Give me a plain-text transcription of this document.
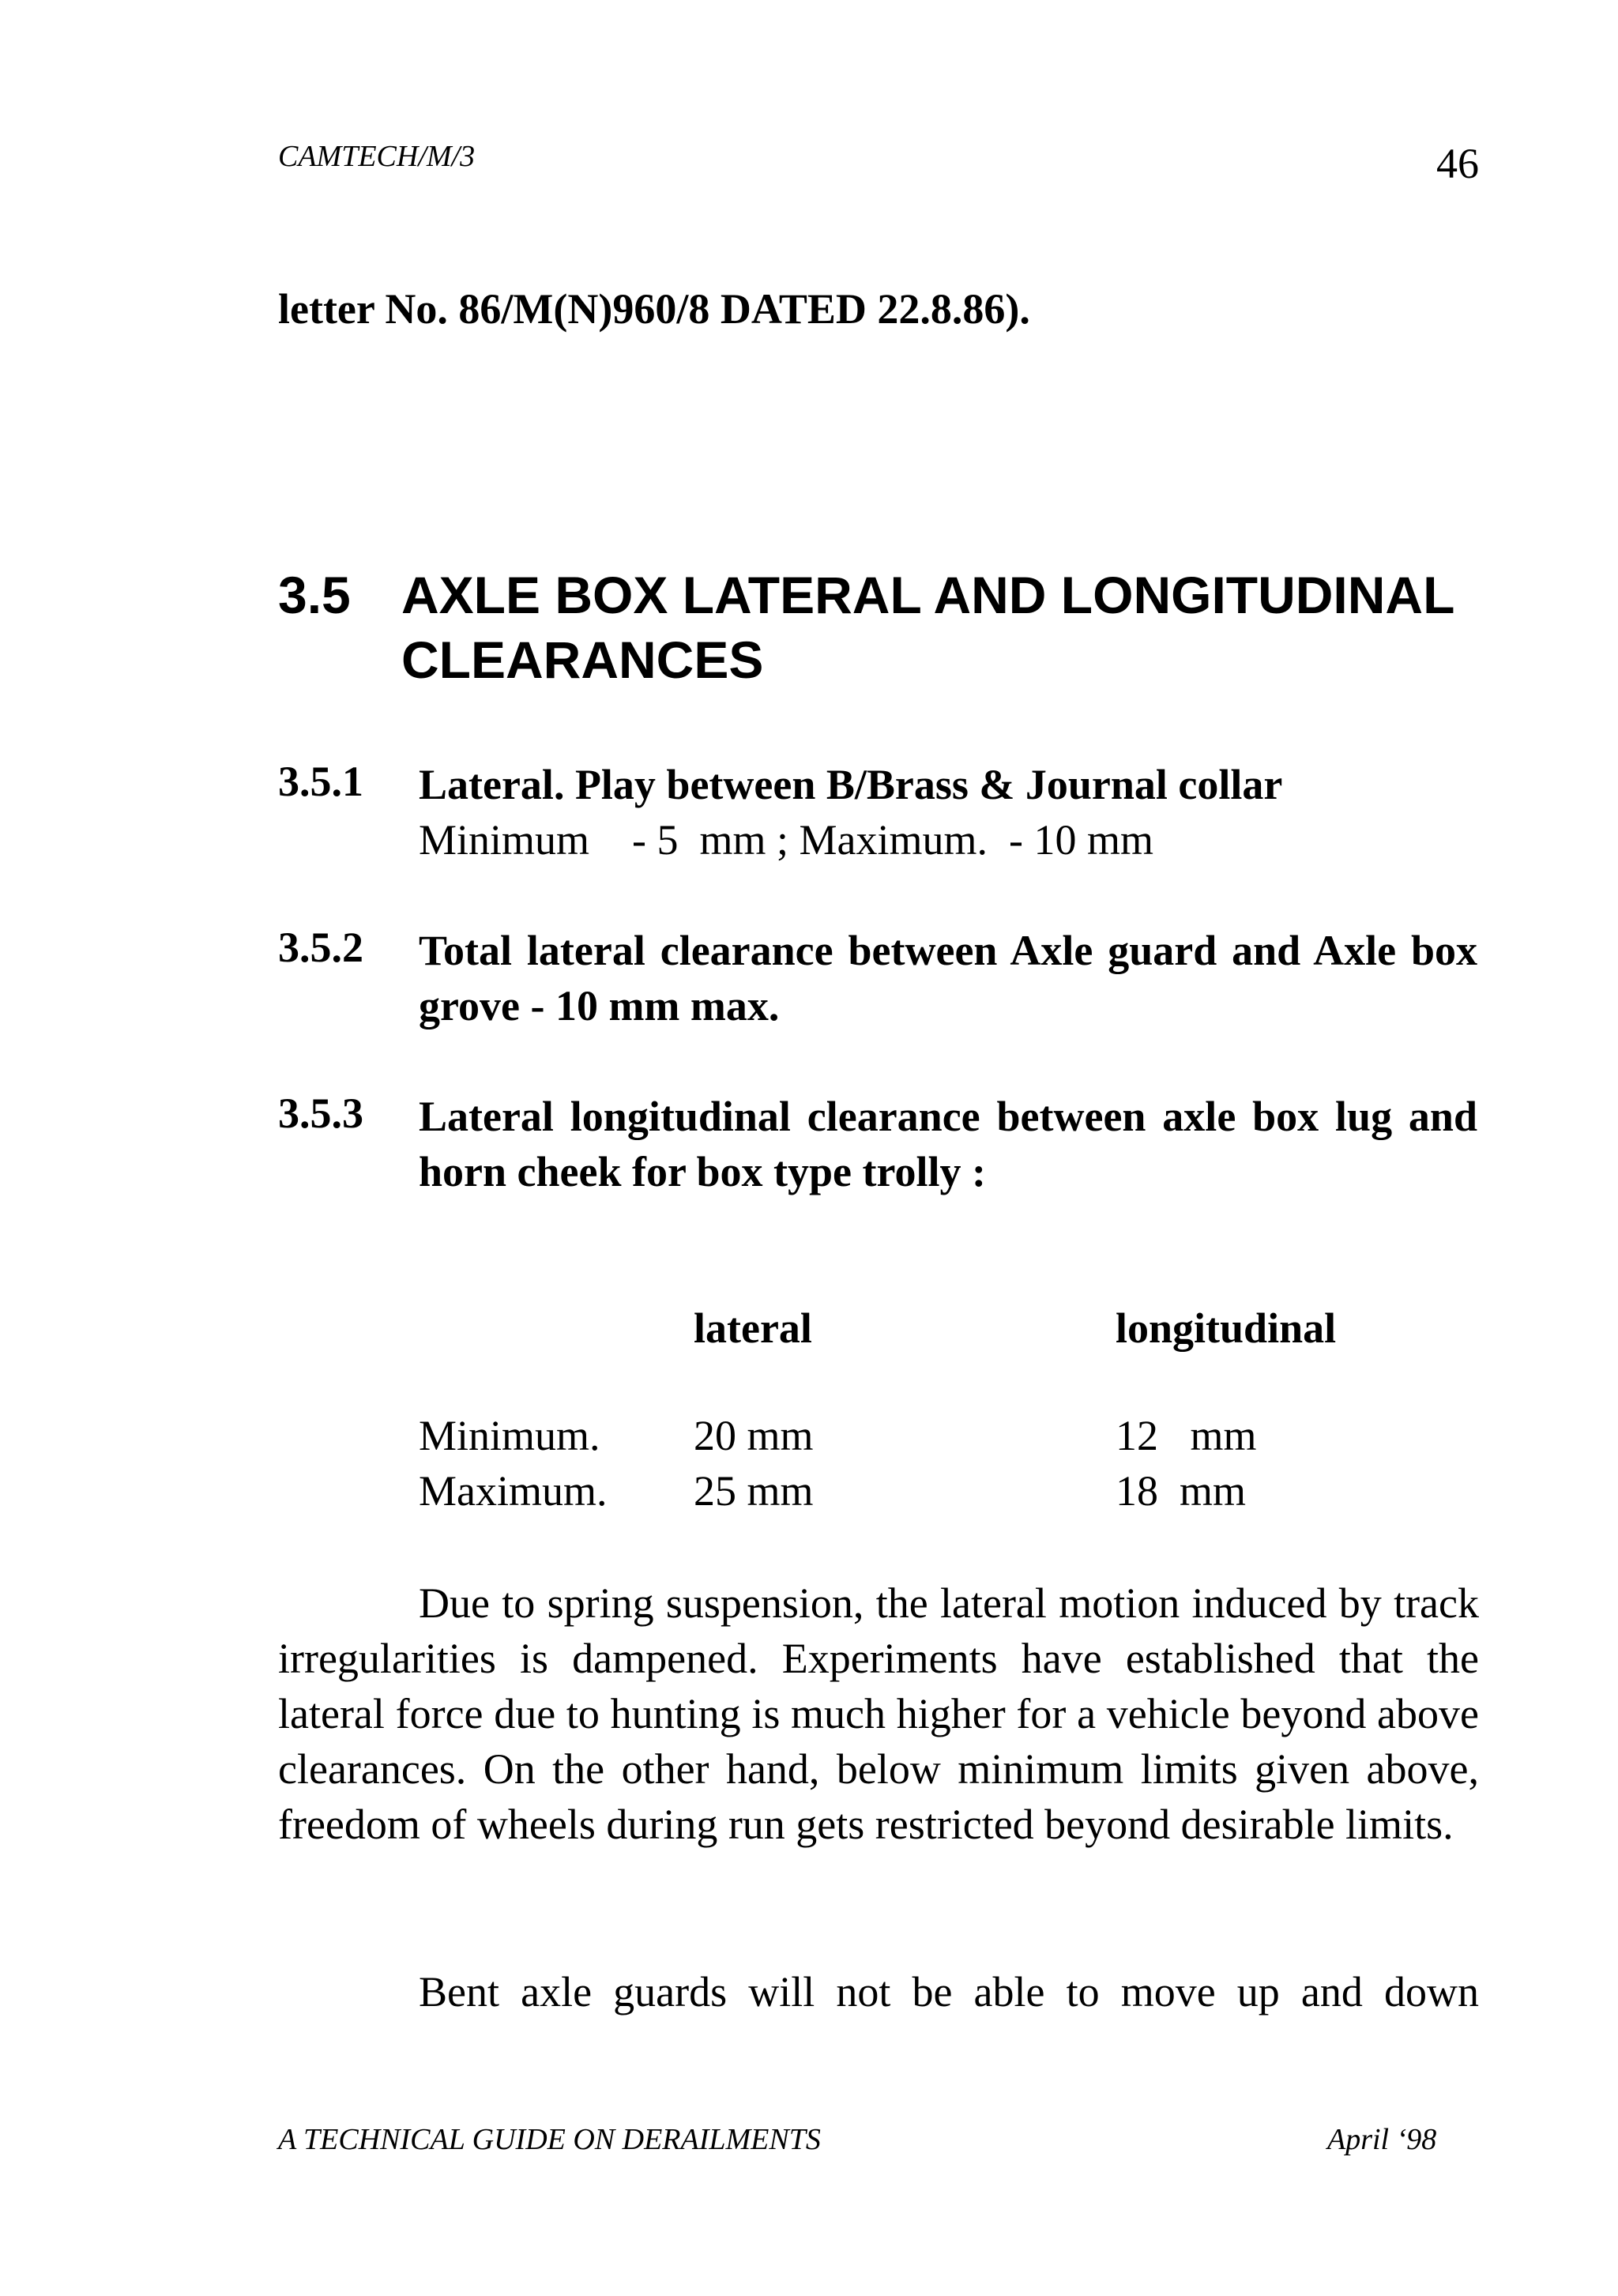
CAMTECH/M/3	46
letter No. 86/M(N)960/8 DATED 22.8.86).
3.5 AXLE BOX LATERAL AND LONGITUDINAL CLEARANCES
3.5.1 Lateral. Play between B/Brass & Journal collar
Minimum    - 5  mm ; Maximum.  - 10 mm
3.5.2 Total lateral clearance between Axle guard and Axle box grove - 10 mm max.
3.5.3 Lateral longitudinal clearance between axle box lug and horn cheek for box type trolly :
lateral	longitudinal
Minimum. 20 mm	12   mm
Maximum. 25 mm	18  mm
Due to spring suspension, the lateral motion induced by track irregularities is dampened. Experiments have established that the lateral force due to hunting is much higher for a vehicle beyond above clearances. On the other hand, below minimum limits given above, freedom of wheels during run gets restricted beyond desirable limits.
Bent axle guards will not be able to move up and down
A TECHNICAL GUIDE ON DERAILMENTS	April ‘98
